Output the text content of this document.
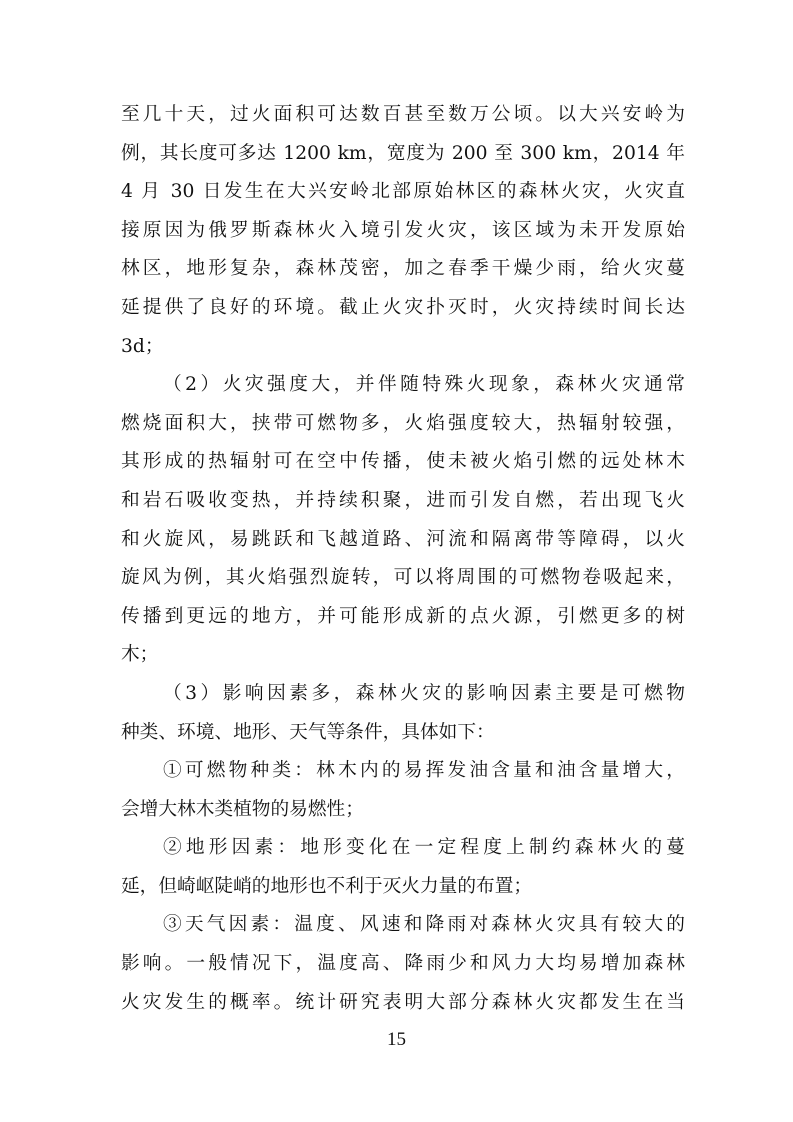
至几十天，过火面积可达数百甚至数万公顷。以大兴安岭为
例，其长度可多达 1200 km，宽度为 200 至 300 km，2014 年
4 月 30 日发生在大兴安岭北部原始林区的森林火灾，火灾直
接原因为俄罗斯森林火入境引发火灾，该区域为未开发原始
林区，地形复杂，森林茂密，加之春季干燥少雨，给火灾蔓
延提供了良好的环境。截止火灾扑灭时，火灾持续时间长达
3d；
（2）火灾强度大，并伴随特殊火现象，森林火灾通常
燃烧面积大，挟带可燃物多，火焰强度较大，热辐射较强，
其形成的热辐射可在空中传播，使未被火焰引燃的远处林木
和岩石吸收变热，并持续积聚，进而引发自燃，若出现飞火
和火旋风，易跳跃和飞越道路、河流和隔离带等障碍，以火
旋风为例，其火焰强烈旋转，可以将周围的可燃物卷吸起来，
传播到更远的地方，并可能形成新的点火源，引燃更多的树
木；
（3）影响因素多，森林火灾的影响因素主要是可燃物
种类、环境、地形、天气等条件，具体如下：
①可燃物种类：林木内的易挥发油含量和油含量增大，
会增大林木类植物的易燃性；
②地形因素：地形变化在一定程度上制约森林火的蔓
延，但崎岖陡峭的地形也不利于灭火力量的布置；
③天气因素：温度、风速和降雨对森林火灾具有较大的
影响。一般情况下，温度高、降雨少和风力大均易增加森林
火灾发生的概率。统计研究表明大部分森林火灾都发生在当
15
